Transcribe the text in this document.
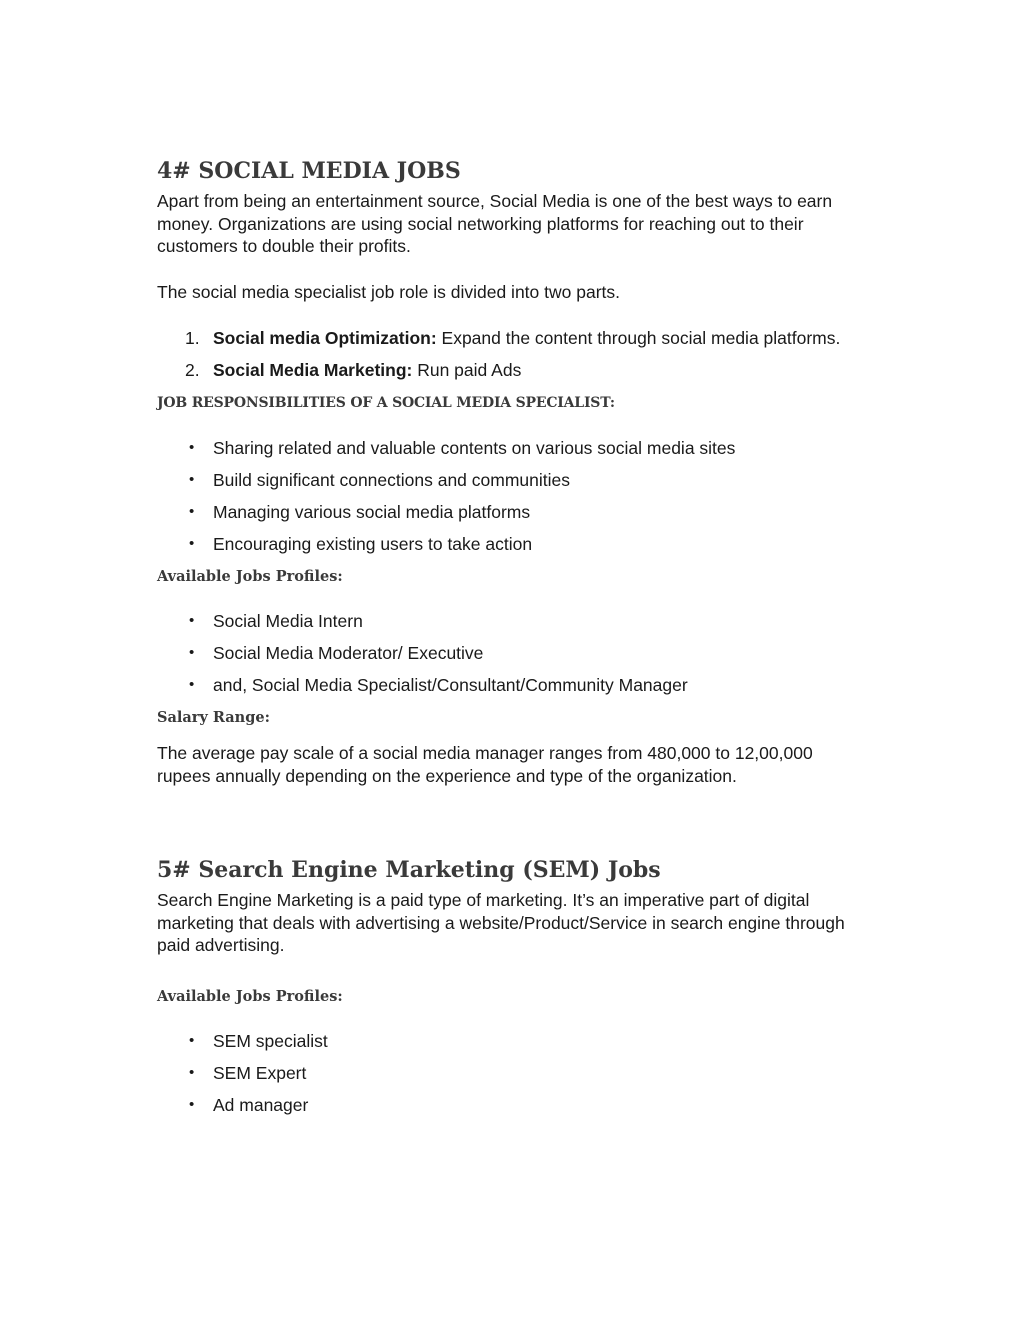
4# SOCIAL MEDIA JOBS

Apart from being an entertainment source, Social Media is one of the best ways to earn money. Organizations are using social networking platforms for reaching out to their customers to double their profits.

The social media specialist job role is divided into two parts.

1. Social media Optimization: Expand the content through social media platforms.
2. Social Media Marketing: Run paid Ads
JOB RESPONSIBILITIES OF A SOCIAL MEDIA SPECIALIST:
• Sharing related and valuable contents on various social media sites
• Build significant connections and communities
• Managing various social media platforms
• Encouraging existing users to take action
Available Jobs Profiles:
• Social Media Intern
• Social Media Moderator/ Executive
• and, Social Media Specialist/Consultant/Community Manager
Salary Range:

The average pay scale of a social media manager ranges from 480,000 to 12,00,000 rupees annually depending on the experience and type of the organization.

5# Search Engine Marketing (SEM) Jobs

Search Engine Marketing is a paid type of marketing. It’s an imperative part of digital marketing that deals with advertising a website/Product/Service in search engine through paid advertising.

Available Jobs Profiles:
• SEM specialist
• SEM Expert
• Ad manager
